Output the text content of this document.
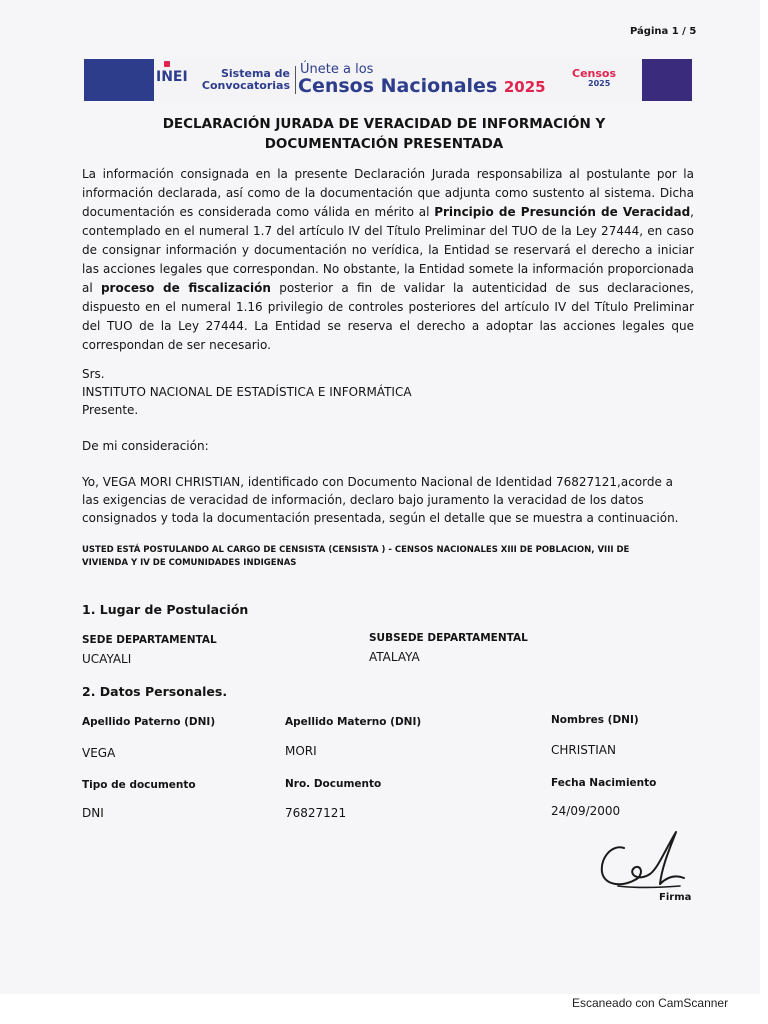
Página 1 / 5
INEI	Sistema de Convocatorias
Únete a los
Censos Nacionales 2025
Censos
2025
DECLARACIÓN JURADA DE VERACIDAD DE INFORMACIÓN Y
DOCUMENTACIÓN PRESENTADA
La información consignada en la presente Declaración Jurada responsabiliza al postulante por la información declarada, así como de la documentación que adjunta como sustento al sistema. Dicha documentación es considerada como válida en mérito al Principio de Presunción de Veracidad, contemplado en el numeral 1.7 del artículo IV del Título Preliminar del TUO de la Ley 27444, en caso de consignar información y documentación no verídica, la Entidad se reservará el derecho a iniciar las acciones legales que correspondan. No obstante, la Entidad somete la información proporcionada al proceso de fiscalización posterior a fin de validar la autenticidad de sus declaraciones, dispuesto en el numeral 1.16 privilegio de controles posteriores del artículo IV del Título Preliminar del TUO de la Ley 27444. La Entidad se reserva el derecho a adoptar las acciones legales que correspondan de ser necesario.
Srs.
INSTITUTO NACIONAL DE ESTADÍSTICA E INFORMÁTICA
Presente.
De mi consideración:
Yo, VEGA MORI CHRISTIAN, identificado con Documento Nacional de Identidad 76827121,acorde a
las exigencias de veracidad de información, declaro bajo juramento la veracidad de los datos
consignados y toda la documentación presentada, según el detalle que se muestra a continuación.
USTED ESTÁ POSTULANDO AL CARGO DE CENSISTA (CENSISTA ) - CENSOS NACIONALES XIII DE POBLACION, VIII DE
VIVIENDA Y IV DE COMUNIDADES INDIGENAS
1. Lugar de Postulación
SEDE DEPARTAMENTAL
UCAYALI
SUBSEDE DEPARTAMENTAL
ATALAYA
2. Datos Personales.
Apellido Paterno (DNI)	Apellido Materno (DNI)	Nombres (DNI)
VEGA	MORI	CHRISTIAN
Tipo de documento	Nro. Documento	Fecha Nacimiento
DNI	76827121	24/09/2000
Firma
Escaneado con CamScanner
